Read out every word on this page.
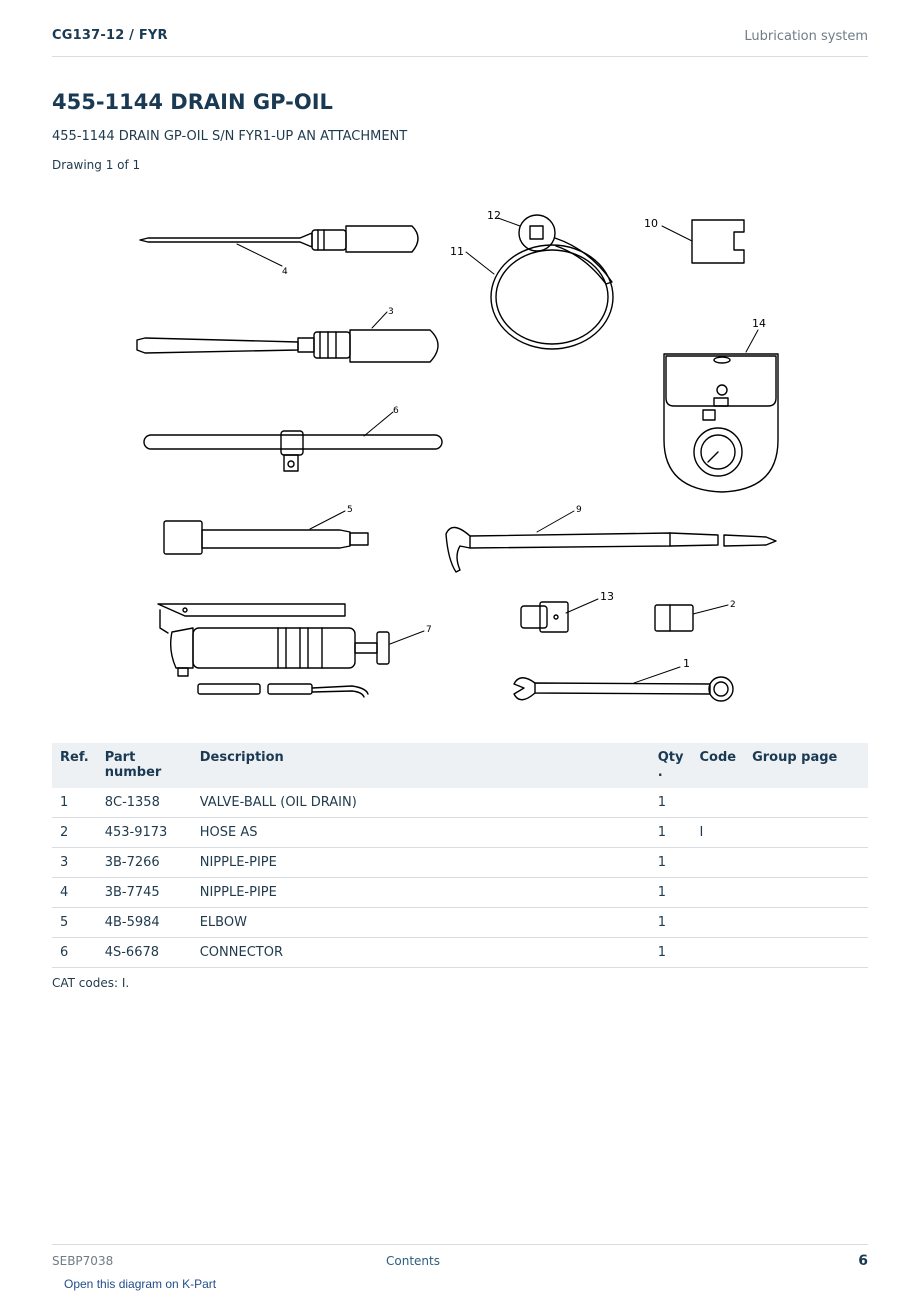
CG137-12 / FYR	Lubrication system
455-1144 DRAIN GP-OIL
455-1144 DRAIN GP-OIL S/N FYR1-UP AN ATTACHMENT
Drawing 1 of 1
4
12
11
10
3
14
6
5	9
7
13
2
1
Ref.	Part number	Description	Qty .	Code	Group page
1	8C-1358	VALVE-BALL (OIL DRAIN)	1		
2	453-9173	HOSE AS	1	I	
3	3B-7266	NIPPLE-PIPE	1		
4	3B-7745	NIPPLE-PIPE	1		
5	4B-5984	ELBOW	1		
6	4S-6678	CONNECTOR	1		
CAT codes: I.
SEBP7038	Contents	6
Open this diagram on K-Part
